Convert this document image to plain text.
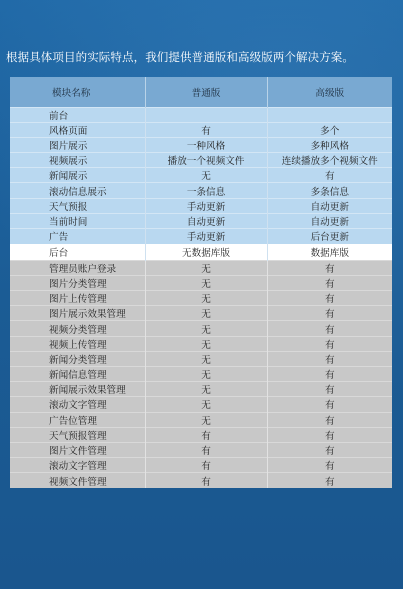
根据具体项目的实际特点，我们提供普通版和高级版两个解决方案。
模块名称	普通版	高级版
前台		
风格页面	有	多个
图片展示	一种风格	多种风格
视频展示	播放一个视频文件	连续播放多个视频文件
新闻展示	无	有
滚动信息展示	一条信息	多条信息
天气预报	手动更新	自动更新
当前时间	自动更新	自动更新
广告	手动更新	后台更新
后台	无数据库版	数据库版
管理员账户登录	无	有
图片分类管理	无	有
图片上传管理	无	有
图片展示效果管理	无	有
视频分类管理	无	有
视频上传管理	无	有
新闻分类管理	无	有
新闻信息管理	无	有
新闻展示效果管理	无	有
滚动文字管理	无	有
广告位管理	无	有
天气预报管理	有	有
图片文件管理	有	有
滚动文字管理	有	有
视频文件管理	有	有
